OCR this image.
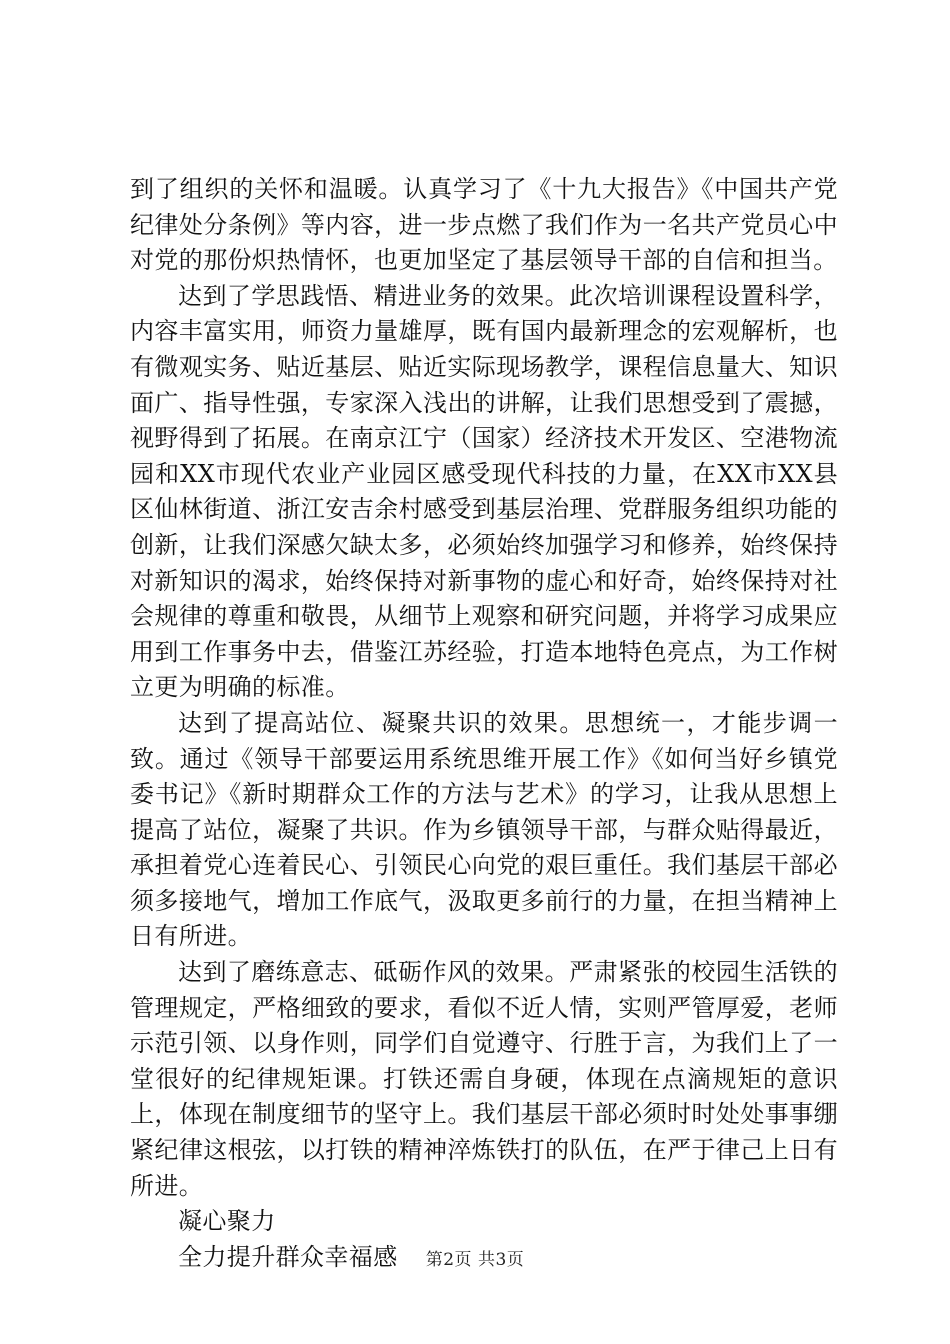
到了组织的关怀和温暖。认真学习了《十九大报告》《中国共产党纪律处分条例》等内容，进一步点燃了我们作为一名共产党员心中对党的那份炽热情怀，也更加坚定了基层领导干部的自信和担当。

达到了学思践悟、精进业务的效果。此次培训课程设置科学，内容丰富实用，师资力量雄厚，既有国内最新理念的宏观解析，也有微观实务、贴近基层、贴近实际现场教学，课程信息量大、知识面广、指导性强，专家深入浅出的讲解，让我们思想受到了震撼，视野得到了拓展。在南京江宁（国家）经济技术开发区、空港物流园和XX市现代农业产业园区感受现代科技的力量，在XX市XX县区仙林街道、浙江安吉余村感受到基层治理、党群服务组织功能的创新，让我们深感欠缺太多，必须始终加强学习和修养，始终保持对新知识的渴求，始终保持对新事物的虚心和好奇，始终保持对社会规律的尊重和敬畏，从细节上观察和研究问题，并将学习成果应用到工作事务中去，借鉴江苏经验，打造本地特色亮点，为工作树立更为明确的标准。

达到了提高站位、凝聚共识的效果。思想统一，才能步调一致。通过《领导干部要运用系统思维开展工作》《如何当好乡镇党委书记》《新时期群众工作的方法与艺术》的学习，让我从思想上提高了站位，凝聚了共识。作为乡镇领导干部，与群众贴得最近，承担着党心连着民心、引领民心向党的艰巨重任。我们基层干部必须多接地气，增加工作底气，汲取更多前行的力量，在担当精神上日有所进。

达到了磨练意志、砥砺作风的效果。严肃紧张的校园生活铁的管理规定，严格细致的要求，看似不近人情，实则严管厚爱，老师示范引领、以身作则，同学们自觉遵守、行胜于言，为我们上了一堂很好的纪律规矩课。打铁还需自身硬，体现在点滴规矩的意识上，体现在制度细节的坚守上。我们基层干部必须时时处处事事绷紧纪律这根弦，以打铁的精神淬炼铁打的队伍，在严于律己上日有所进。

凝心聚力

全力提升群众幸福感	第2页 共3页
